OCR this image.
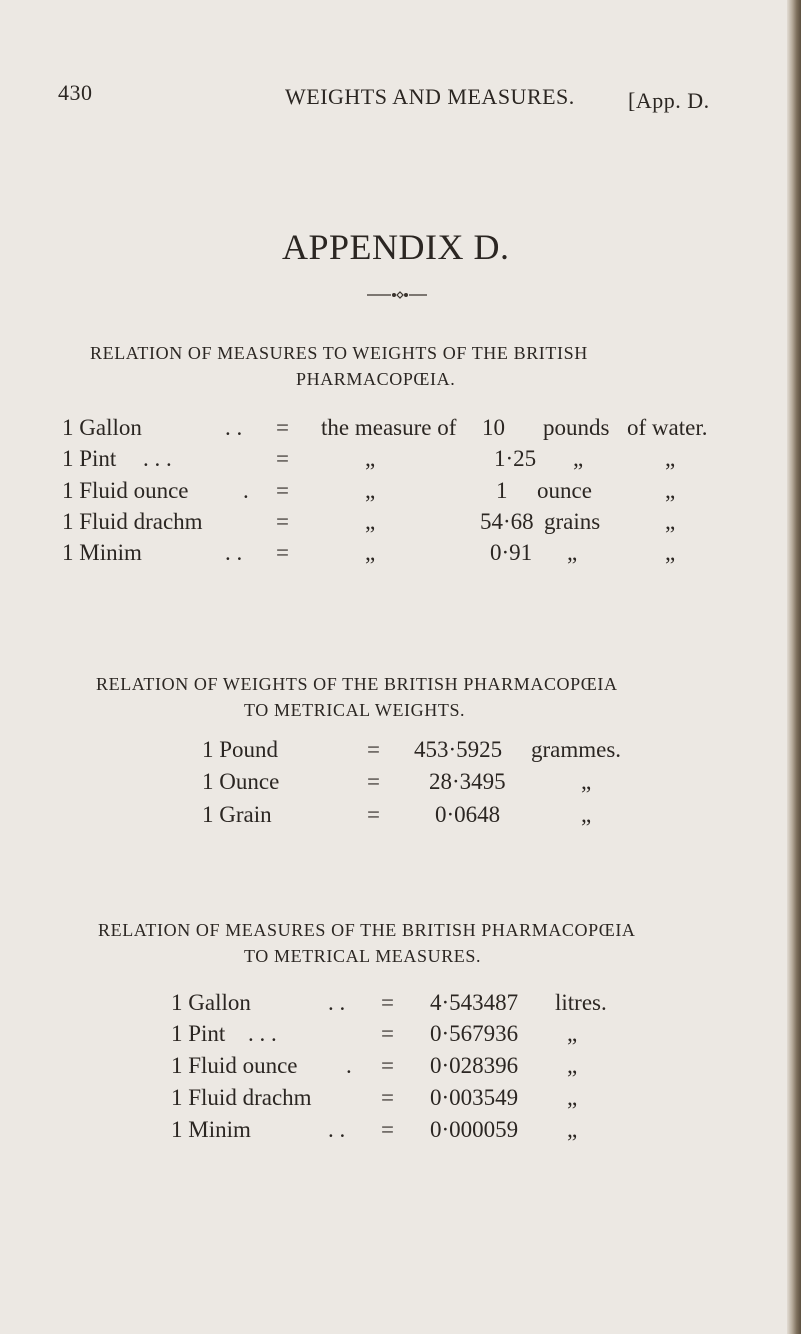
430	WEIGHTS AND MEASURES. [App. D.
APPENDIX D.
RELATION OF MEASURES TO WEIGHTS OF THE BRITISH
PHARMACOPŒIA.
1 Gallon	. . = the measure of 10 pounds of water.
1 Pint . . .	=	„	1·25 „	„
1 Fluid ounce . =	„	1 ounce	„
1 Fluid drachm	=	„	54·68 grains	„
1 Minim	. . =	„	0·91 „	„
RELATION OF WEIGHTS OF THE BRITISH PHARMACOPŒIA
TO METRICAL WEIGHTS.
1 Pound	= 453·5925 grammes.
1 Ounce	= 28·3495	„
1 Grain	= 0·0648	„
RELATION OF MEASURES OF THE BRITISH PHARMACOPŒIA
TO METRICAL MEASURES.
1 Gallon	. . = 4·543487 litres.
1 Pint . . .	= 0·567936 „
1 Fluid ounce . = 0·028396 „
1 Fluid drachm	= 0·003549 „
1 Minim	. . = 0·000059 „
